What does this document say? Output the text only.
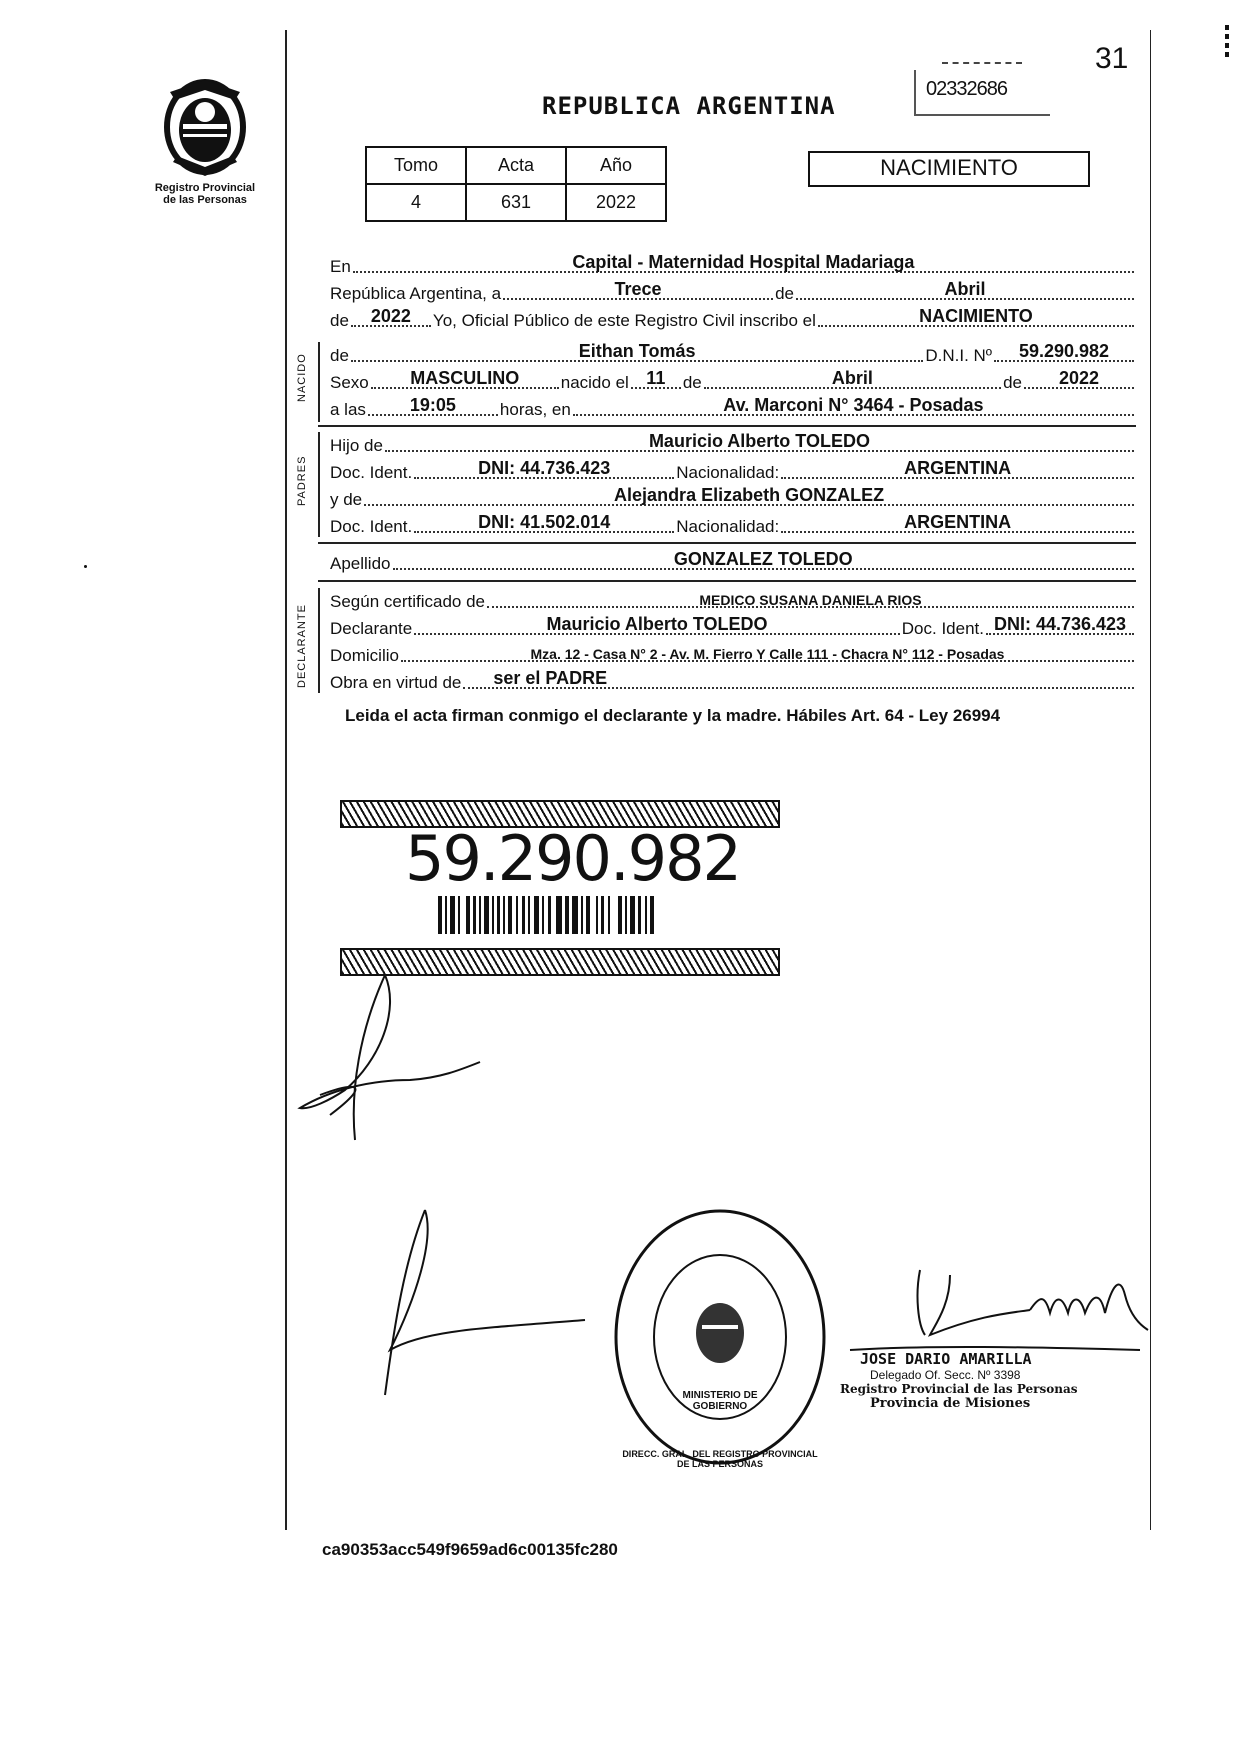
Registro Provincial
de las Personas
31
REPUBLICA ARGENTINA
02332686
Tomo	Acta	Año
4	631	2022
NACIMIENTO
En	Capital - Maternidad Hospital Madariaga
República Argentina, a	Trece	de	Abril
de	2022	Yo, Oficial Público de este Registro Civil inscribo el	NACIMIENTO
NACIDO de	Eithan Tomás	D.N.I. Nº	59.290.982
Sexo	MASCULINO	nacido el 11	de	Abril	de	2022
a las	19:05	horas, en	Av. Marconi N° 3464 - Posadas
PADRES
Hijo de	Mauricio Alberto TOLEDO
Doc. Ident.	DNI: 44.736.423	Nacionalidad:	ARGENTINA
y de	Alejandra Elizabeth GONZALEZ
Doc. Ident.	DNI: 41.502.014	Nacionalidad:	ARGENTINA
Apellido	GONZALEZ TOLEDO
DECLARANTE
Según certificado de	MEDICO SUSANA DANIELA RIOS
Declarante	Mauricio Alberto TOLEDO	Doc. Ident. DNI: 44.736.423
Domicilio	Mza. 12 - Casa N° 2 - Av. M. Fierro Y Calle 111 - Chacra N° 112 - Posadas
Obra en virtud de ser el PADRE
Leida el acta firman conmigo el declarante y la madre. Hábiles Art. 64 - Ley 26994
59.290.982
DIRECC. GRAL. DEL REGISTRO PROVINCIAL DE LAS PERSONAS
MINISTERIO DE GOBIERNO
JOSE DARIO AMARILLA
Delegado Of. Secc. Nº 3398
Registro Provincial de las Personas
Provincia de Misiones
ca90353acc549f9659ad6c00135fc280
